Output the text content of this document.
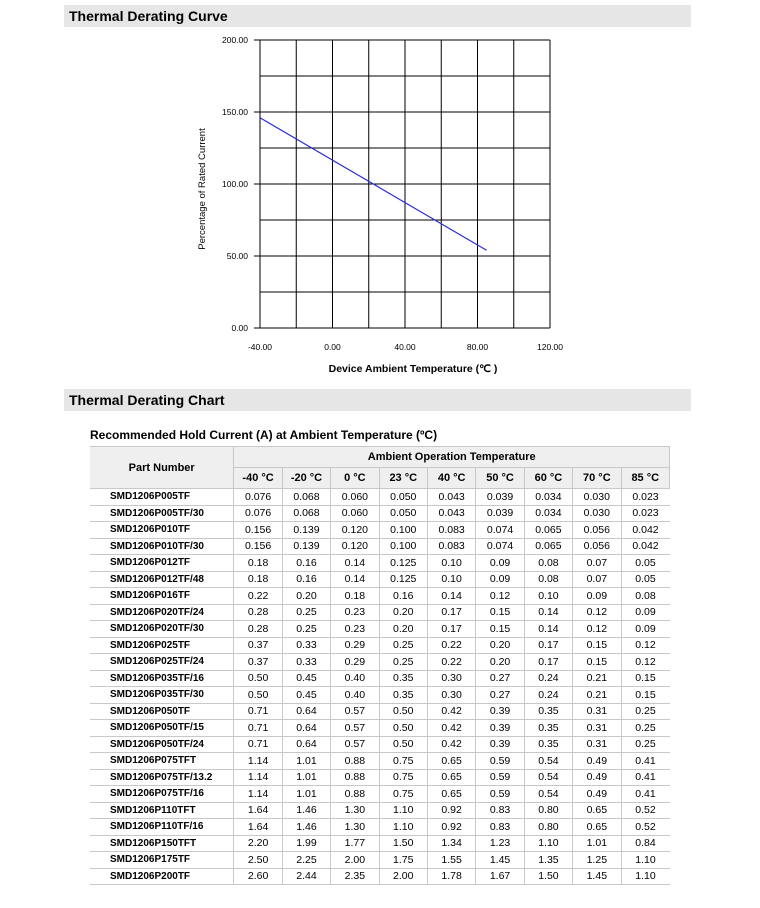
Thermal Derating Curve
0.00
50.00
100.00
150.00
200.00
-40.00	0.00	40.00	80.00	120.00
Device Ambient Temperature (℃ )
Percentage of Rated Current
Thermal Derating Chart
Recommended Hold Current (A) at Ambient Temperature (ºC)
Part Number	Ambient Operation Temperature								
	-40 °C	-20 °C	0 °C	23 °C	40 °C	50 °C	60 °C	70 °C	85 °C
SMD1206P005TF	0.076	0.068	0.060	0.050	0.043	0.039	0.034	0.030	0.023
SMD1206P005TF/30	0.076	0.068	0.060	0.050	0.043	0.039	0.034	0.030	0.023
SMD1206P010TF	0.156	0.139	0.120	0.100	0.083	0.074	0.065	0.056	0.042
SMD1206P010TF/30	0.156	0.139	0.120	0.100	0.083	0.074	0.065	0.056	0.042
SMD1206P012TF	0.18	0.16	0.14	0.125	0.10	0.09	0.08	0.07	0.05
SMD1206P012TF/48	0.18	0.16	0.14	0.125	0.10	0.09	0.08	0.07	0.05
SMD1206P016TF	0.22	0.20	0.18	0.16	0.14	0.12	0.10	0.09	0.08
SMD1206P020TF/24	0.28	0.25	0.23	0.20	0.17	0.15	0.14	0.12	0.09
SMD1206P020TF/30	0.28	0.25	0.23	0.20	0.17	0.15	0.14	0.12	0.09
SMD1206P025TF	0.37	0.33	0.29	0.25	0.22	0.20	0.17	0.15	0.12
SMD1206P025TF/24	0.37	0.33	0.29	0.25	0.22	0.20	0.17	0.15	0.12
SMD1206P035TF/16	0.50	0.45	0.40	0.35	0.30	0.27	0.24	0.21	0.15
SMD1206P035TF/30	0.50	0.45	0.40	0.35	0.30	0.27	0.24	0.21	0.15
SMD1206P050TF	0.71	0.64	0.57	0.50	0.42	0.39	0.35	0.31	0.25
SMD1206P050TF/15	0.71	0.64	0.57	0.50	0.42	0.39	0.35	0.31	0.25
SMD1206P050TF/24	0.71	0.64	0.57	0.50	0.42	0.39	0.35	0.31	0.25
SMD1206P075TFT	1.14	1.01	0.88	0.75	0.65	0.59	0.54	0.49	0.41
SMD1206P075TF/13.2	1.14	1.01	0.88	0.75	0.65	0.59	0.54	0.49	0.41
SMD1206P075TF/16	1.14	1.01	0.88	0.75	0.65	0.59	0.54	0.49	0.41
SMD1206P110TFT	1.64	1.46	1.30	1.10	0.92	0.83	0.80	0.65	0.52
SMD1206P110TF/16	1.64	1.46	1.30	1.10	0.92	0.83	0.80	0.65	0.52
SMD1206P150TFT	2.20	1.99	1.77	1.50	1.34	1.23	1.10	1.01	0.84
SMD1206P175TF	2.50	2.25	2.00	1.75	1.55	1.45	1.35	1.25	1.10
SMD1206P200TF	2.60	2.44	2.35	2.00	1.78	1.67	1.50	1.45	1.10
